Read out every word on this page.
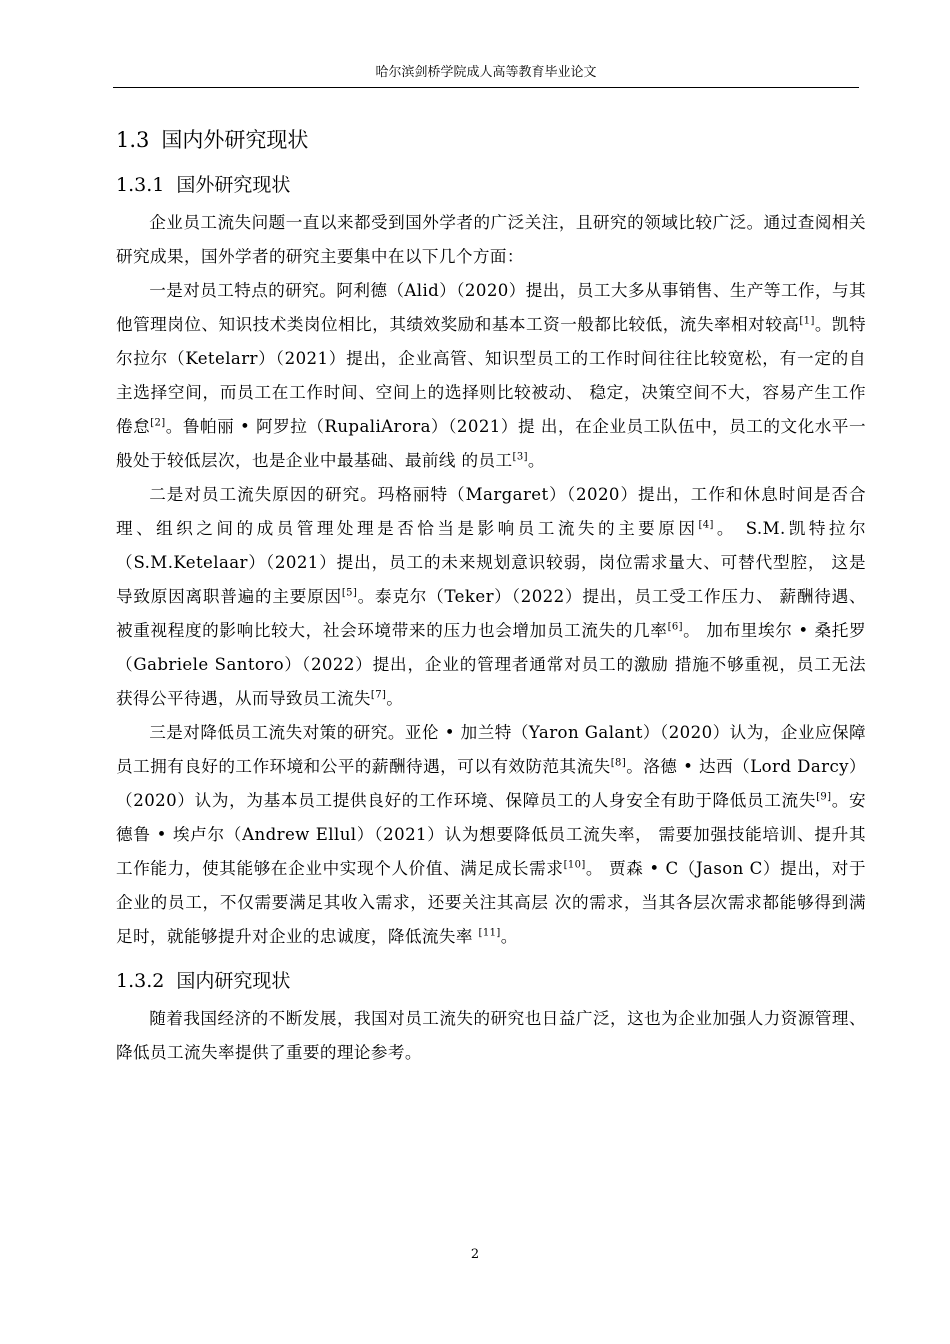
哈尔滨剑桥学院成人高等教育毕业论文
1.3 国内外研究现状
1.3.1 国外研究现状

企业员工流失问题一直以来都受到国外学者的广泛关注，且研究的领域比较广泛。通过查阅相关研究成果，国外学者的研究主要集中在以下几个方面：

一是对员工特点的研究。阿利德（Alid）（2020）提出，员工大多从事销售、生产等工作，与其他管理岗位、知识技术类岗位相比，其绩效奖励和基本工资一般都比较低，流失率相对较高[1]。凯特尔拉尔（Ketelarr）（2021）提出，企业高管、知识型员工的工作时间往往比较宽松，有一定的自主选择空间，而员工在工作时间、空间上的选择则比较被动、 稳定，决策空间不大，容易产生工作倦怠[2]。鲁帕丽 • 阿罗拉（RupaliArora）（2021）提 出，在企业员工队伍中，员工的文化水平一般处于较低层次，也是企业中最基础、最前线 的员工[3]。

二是对员工流失原因的研究。玛格丽特（Margaret）（2020）提出，工作和休息时间是否合理、组织之间的成员管理处理是否恰当是影响员工流失的主要原因[4]。 S.M.凯特拉尔（S.M.Ketelaar）（2021）提出，员工的未来规划意识较弱，岗位需求量大、可替代型腔， 这是导致原因离职普遍的主要原因[5]。泰克尔（Teker）（2022）提出，员工受工作压力、 薪酬待遇、被重视程度的影响比较大，社会环境带来的压力也会增加员工流失的几率[6]。 加布里埃尔 • 桑托罗（Gabriele Santoro）（2022）提出，企业的管理者通常对员工的激励 措施不够重视，员工无法获得公平待遇，从而导致员工流失[7]。

三是对降低员工流失对策的研究。亚伦 • 加兰特（Yaron Galant）（2020）认为，企业应保障员工拥有良好的工作环境和公平的薪酬待遇，可以有效防范其流失[8]。洛德 • 达西（Lord Darcy）（2020）认为，为基本员工提供良好的工作环境、保障员工的人身安全有助于降低员工流失[9]。安德鲁 • 埃卢尔（Andrew Ellul）（2021）认为想要降低员工流失率， 需要加强技能培训、提升其工作能力，使其能够在企业中实现个人价值、满足成长需求[10]。 贾森 • C（Jason C）提出，对于企业的员工，不仅需要满足其收入需求，还要关注其高层 次的需求，当其各层次需求都能够得到满足时，就能够提升对企业的忠诚度，降低流失率 [11]。

1.3.2 国内研究现状

随着我国经济的不断发展，我国对员工流失的研究也日益广泛，这也为企业加强人力资源管理、降低员工流失率提供了重要的理论参考。

2
